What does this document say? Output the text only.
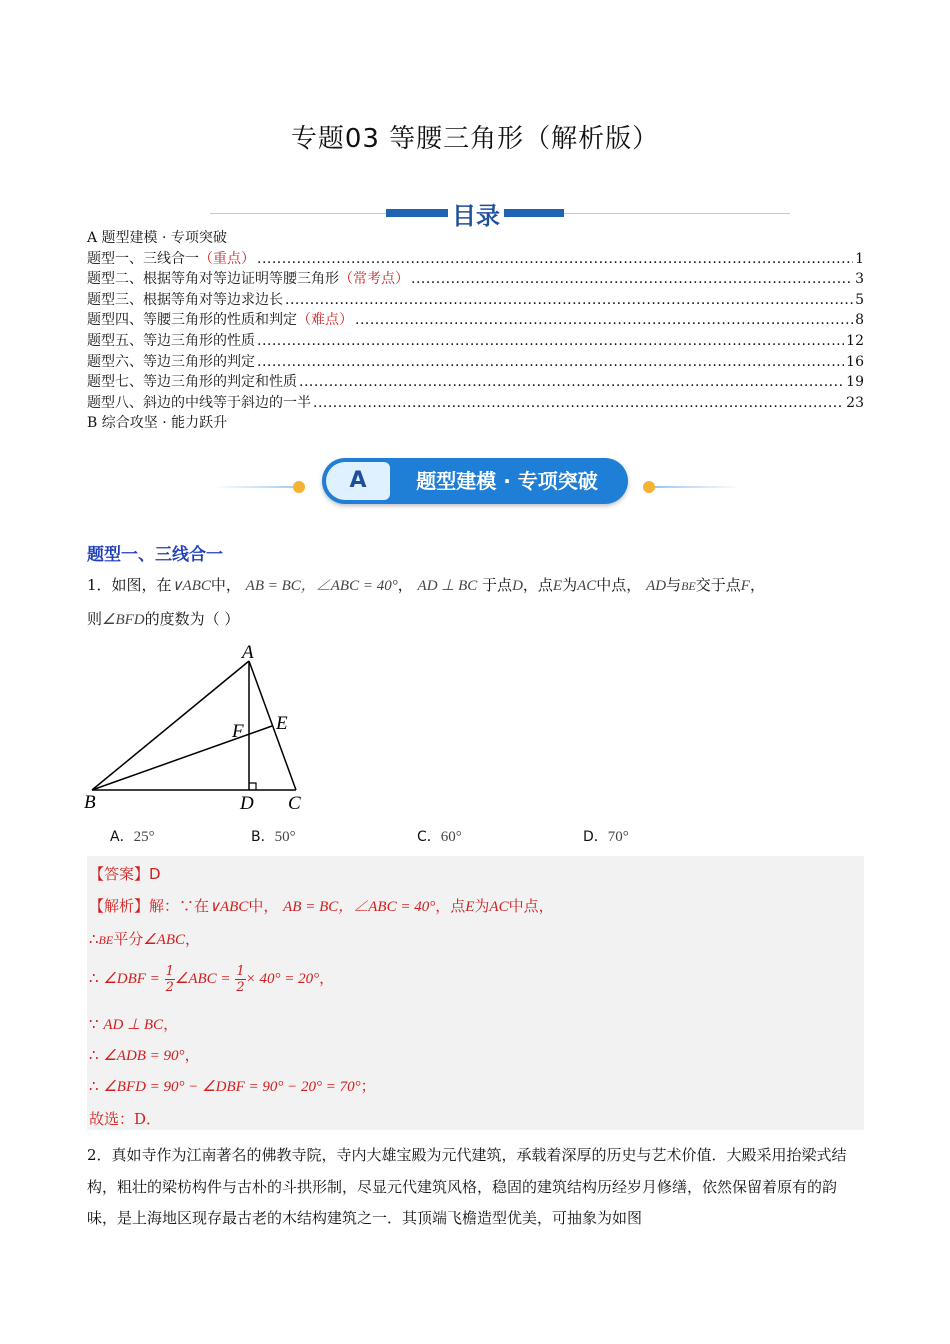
专题03 等腰三角形（解析版）
目录
A 题型建模 · 专项突破
题型一、三线合一 （重点） .....	1
题型二、根据等角对等边证明等腰三角形 （常考点） .....	3
题型三、根据等角对等边求边长 .....	5
题型四、等腰三角形的性质和判定 （难点） .....	8
题型五、等边三角形的性质 .....	12
题型六、等边三角形的判定 .....	16
题型七、等边三角形的判定和性质 .....	19
题型八、斜边的中线等于斜边的一半 .....	23
B 综合攻坚 · 能力跃升
A	题型建模 · 专项突破
题型一、三线合一
1．如图，在∨ABC中， AB = BC，∠ABC = 40°， AD ⊥ BC 于点D，点E为AC中点， AD与BE交于点F，
则∠BFD的度数为（ ）
A
B	C
D
E
F
A．25°	B．50°	C．60°	D．70°
【答案】D
【解析】解：∵在∨ABC中， AB = BC，∠ABC = 40°，点E为AC中点，
∴BE平分∠ABC，
∴ ∠DBF = $\frac{1}{2}$ ∠ABC = $\frac{1}{2} \times 40^\circ = 20^\circ$，
∵ AD ⊥ BC，
∴ ∠ADB = 90°，
∴ ∠BFD = 90° − ∠DBF = 90° − 20° = 70°；
故选：D．
2．真如寺作为江南著名的佛教寺院，寺内大雄宝殿为元代建筑，承载着深厚的历史与艺术价值．大殿采用抬梁式结构，粗壮的梁枋构件与古朴的斗拱形制，尽显元代建筑风格，稳固的建筑结构历经岁月修缮，依然保留着原有的韵味，是上海地区现存最古老的木结构建筑之一．其顶端飞檐造型优美，可抽象为如图
